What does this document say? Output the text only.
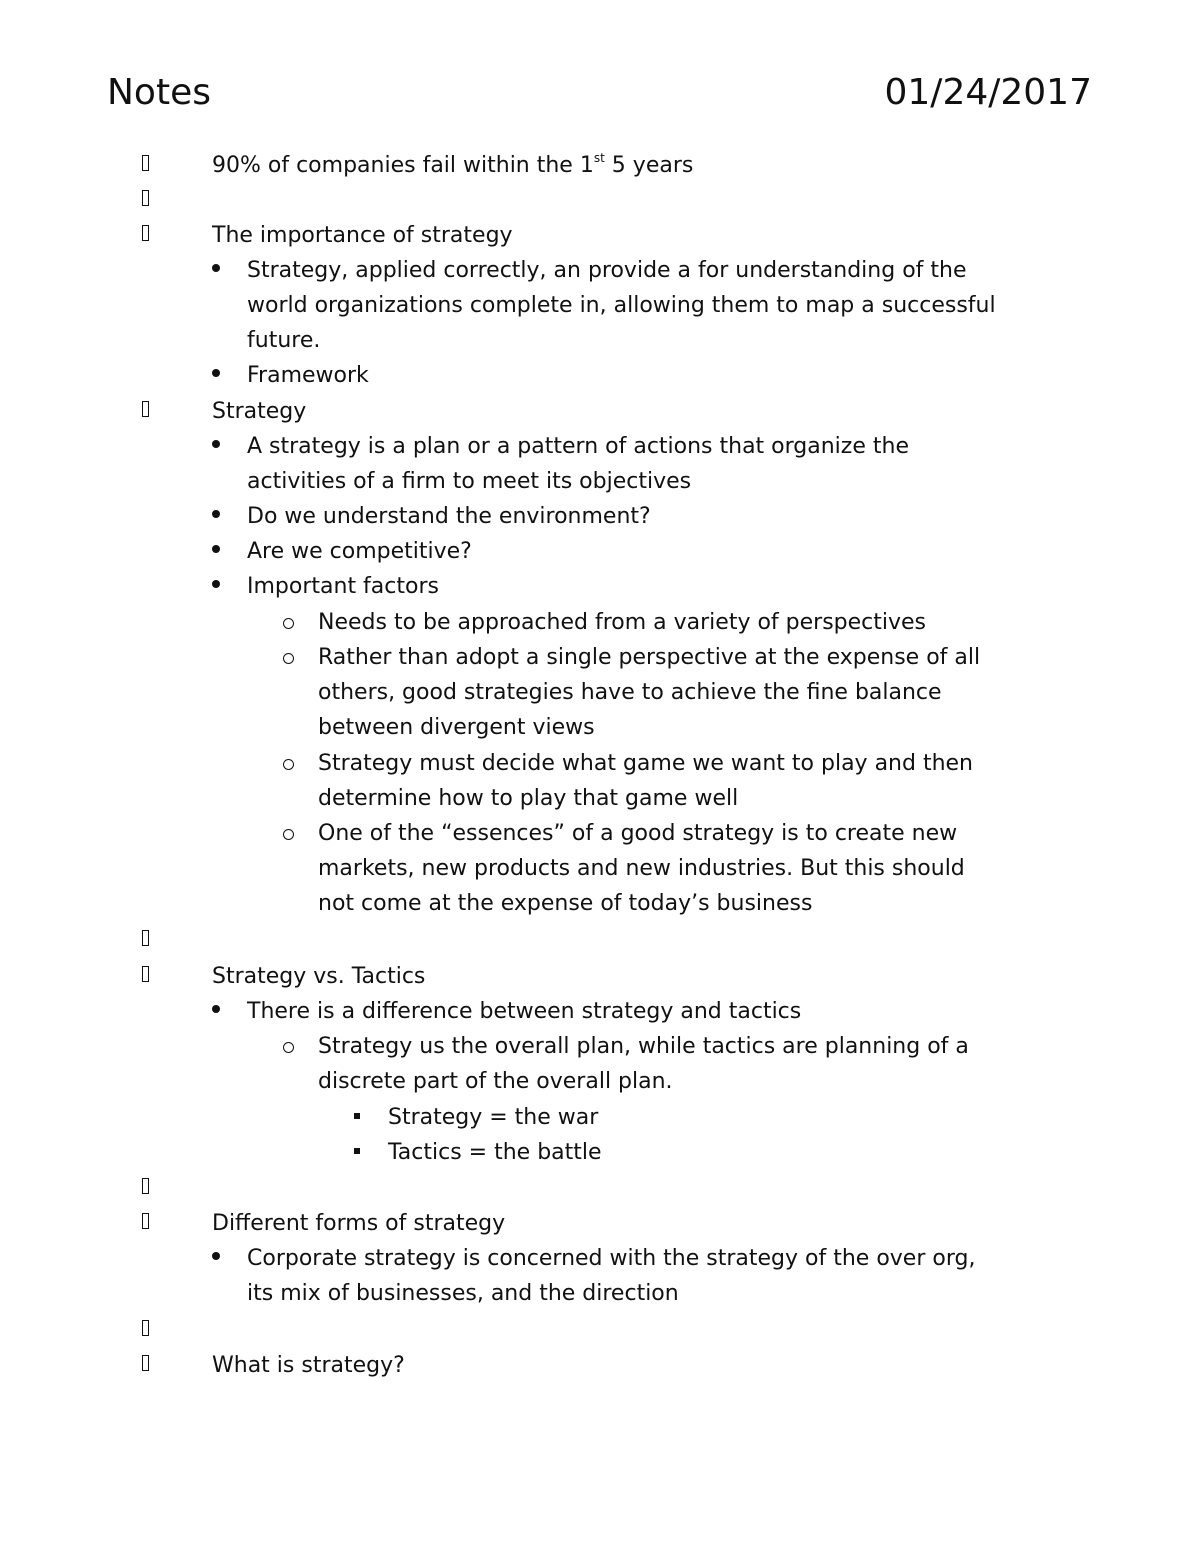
Notes	01/24/2017
90% of companies fail within the 1st 5 years
The importance of strategy
Strategy, applied correctly, an provide a for understanding of the
world organizations complete in, allowing them to map a successful
future.
Framework
Strategy
A strategy is a plan or a pattern of actions that organize the
activities of a firm to meet its objectives
Do we understand the environment?
Are we competitive?
Important factors
Needs to be approached from a variety of perspectives
Rather than adopt a single perspective at the expense of all
others, good strategies have to achieve the fine balance
between divergent views
Strategy must decide what game we want to play and then
determine how to play that game well
One of the “essences” of a good strategy is to create new
markets, new products and new industries. But this should
not come at the expense of today’s business
Strategy vs. Tactics
There is a difference between strategy and tactics
Strategy us the overall plan, while tactics are planning of a
discrete part of the overall plan.
Strategy = the war
Tactics = the battle
Different forms of strategy
Corporate strategy is concerned with the strategy of the over org,
its mix of businesses, and the direction
What is strategy?
